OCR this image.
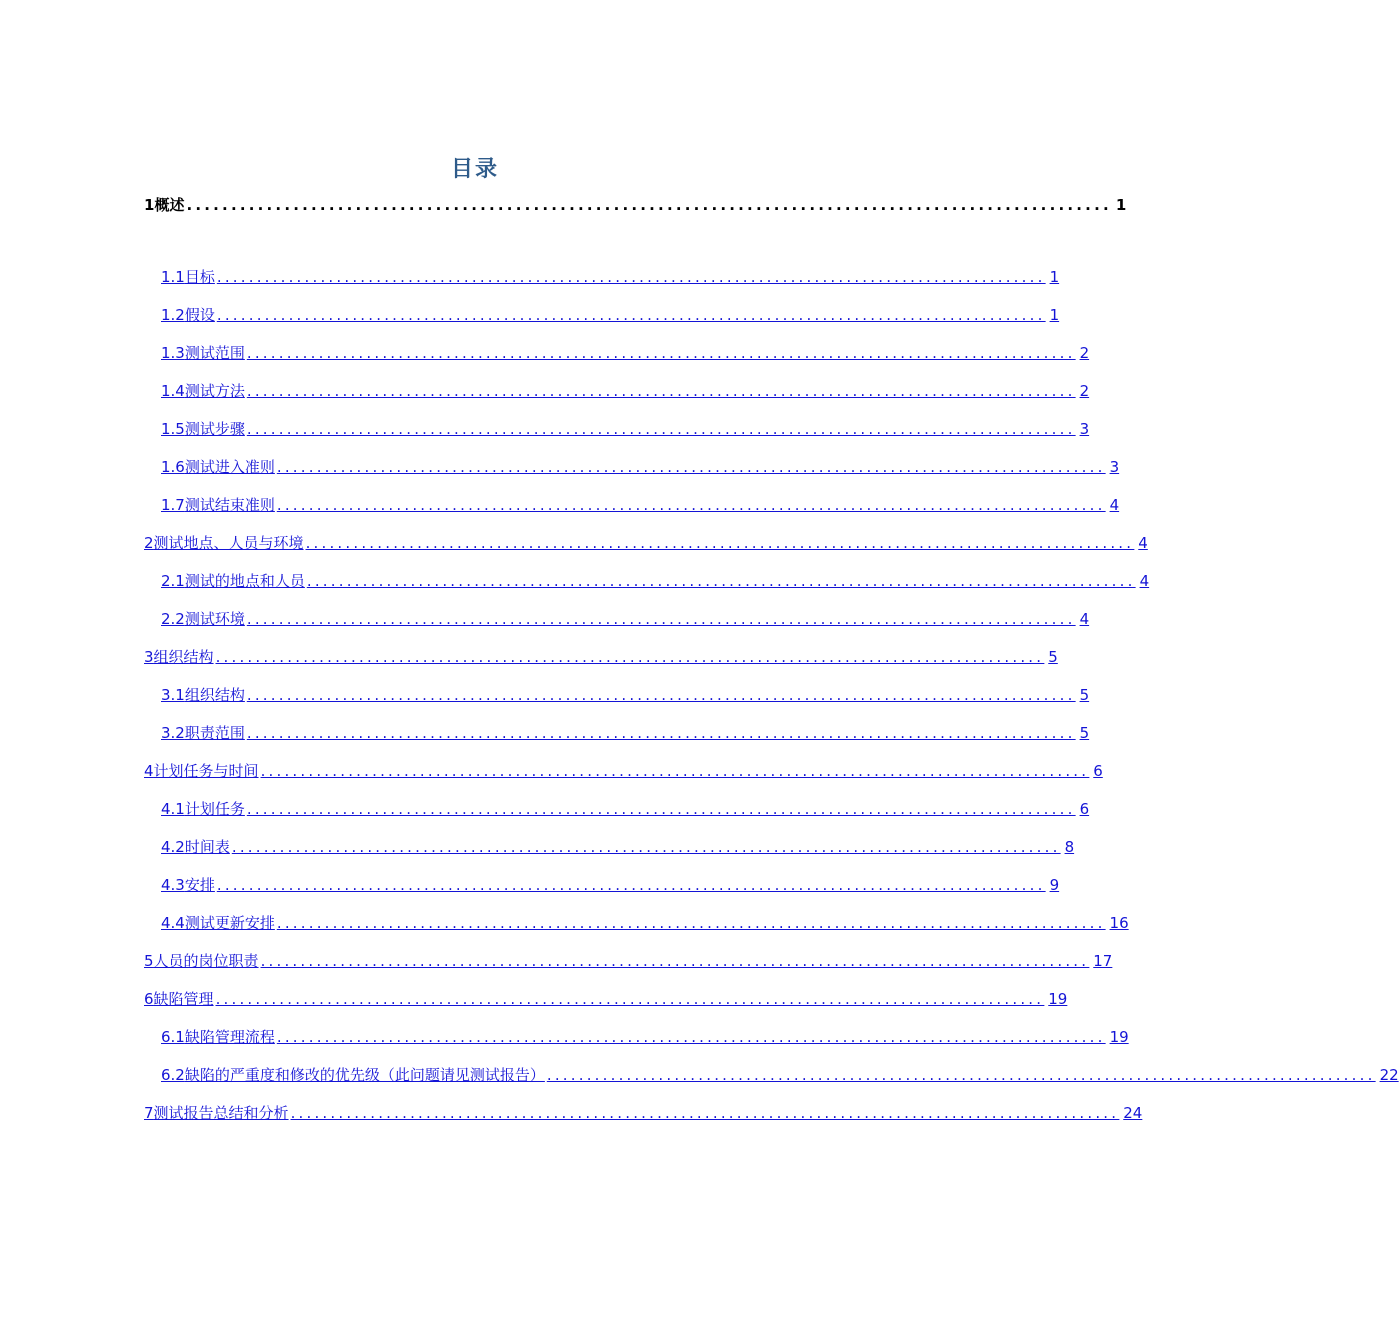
目录
1 概述 ........................................................................................................ 1
1.1 目标 ........................................................................................................ 1
1.2 假设 ........................................................................................................ 1
1.3 测试范围 ........................................................................................................ 2
1.4 测试方法 ........................................................................................................ 2
1.5 测试步骤 ........................................................................................................ 3
1.6 测试进入准则 ........................................................................................................ 3
1.7 测试结束准则 ........................................................................................................ 4
2 测试地点、人员与环境 ........................................................................................................ 4
2.1 测试的地点和人员 ........................................................................................................ 4
2.2 测试环境 ........................................................................................................ 4
3 组织结构 ........................................................................................................ 5
3.1 组织结构 ........................................................................................................ 5
3.2 职责范围 ........................................................................................................ 5
4 计划任务与时间 ........................................................................................................ 6
4.1 计划任务 ........................................................................................................ 6
4.2 时间表 ........................................................................................................ 8
4.3 安排 ........................................................................................................ 9
4.4测试更新安排 ........................................................................................................ 16
5 人员的岗位职责 ........................................................................................................ 17
6 缺陷管理 ........................................................................................................ 19
6.1 缺陷管理流程 ........................................................................................................ 19
6.2 缺陷的严重度和修改的优先级（此问题请见测试报告） ........................................................................................................ 22
7 测试报告总结和分析 ........................................................................................................ 24
